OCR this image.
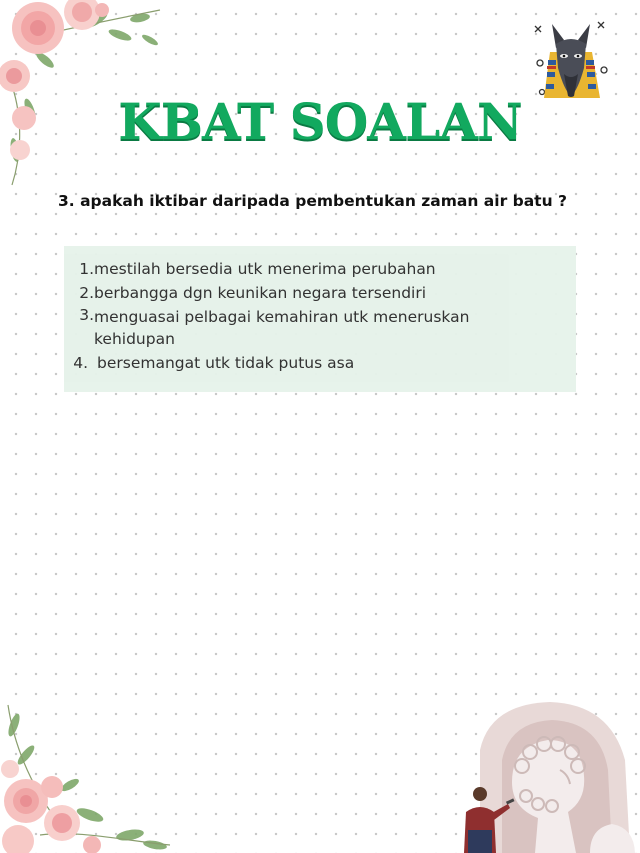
KBAT SOALAN

3. apakah iktibar daripada pembentukan zaman air batu ?

1. mestilah bersedia utk menerima perubahan
2. berbangga dgn keunikan negara tersendiri
3. menguasai pelbagai kemahiran utk meneruskan kehidupan
4. bersemangat utk tidak putus asa
